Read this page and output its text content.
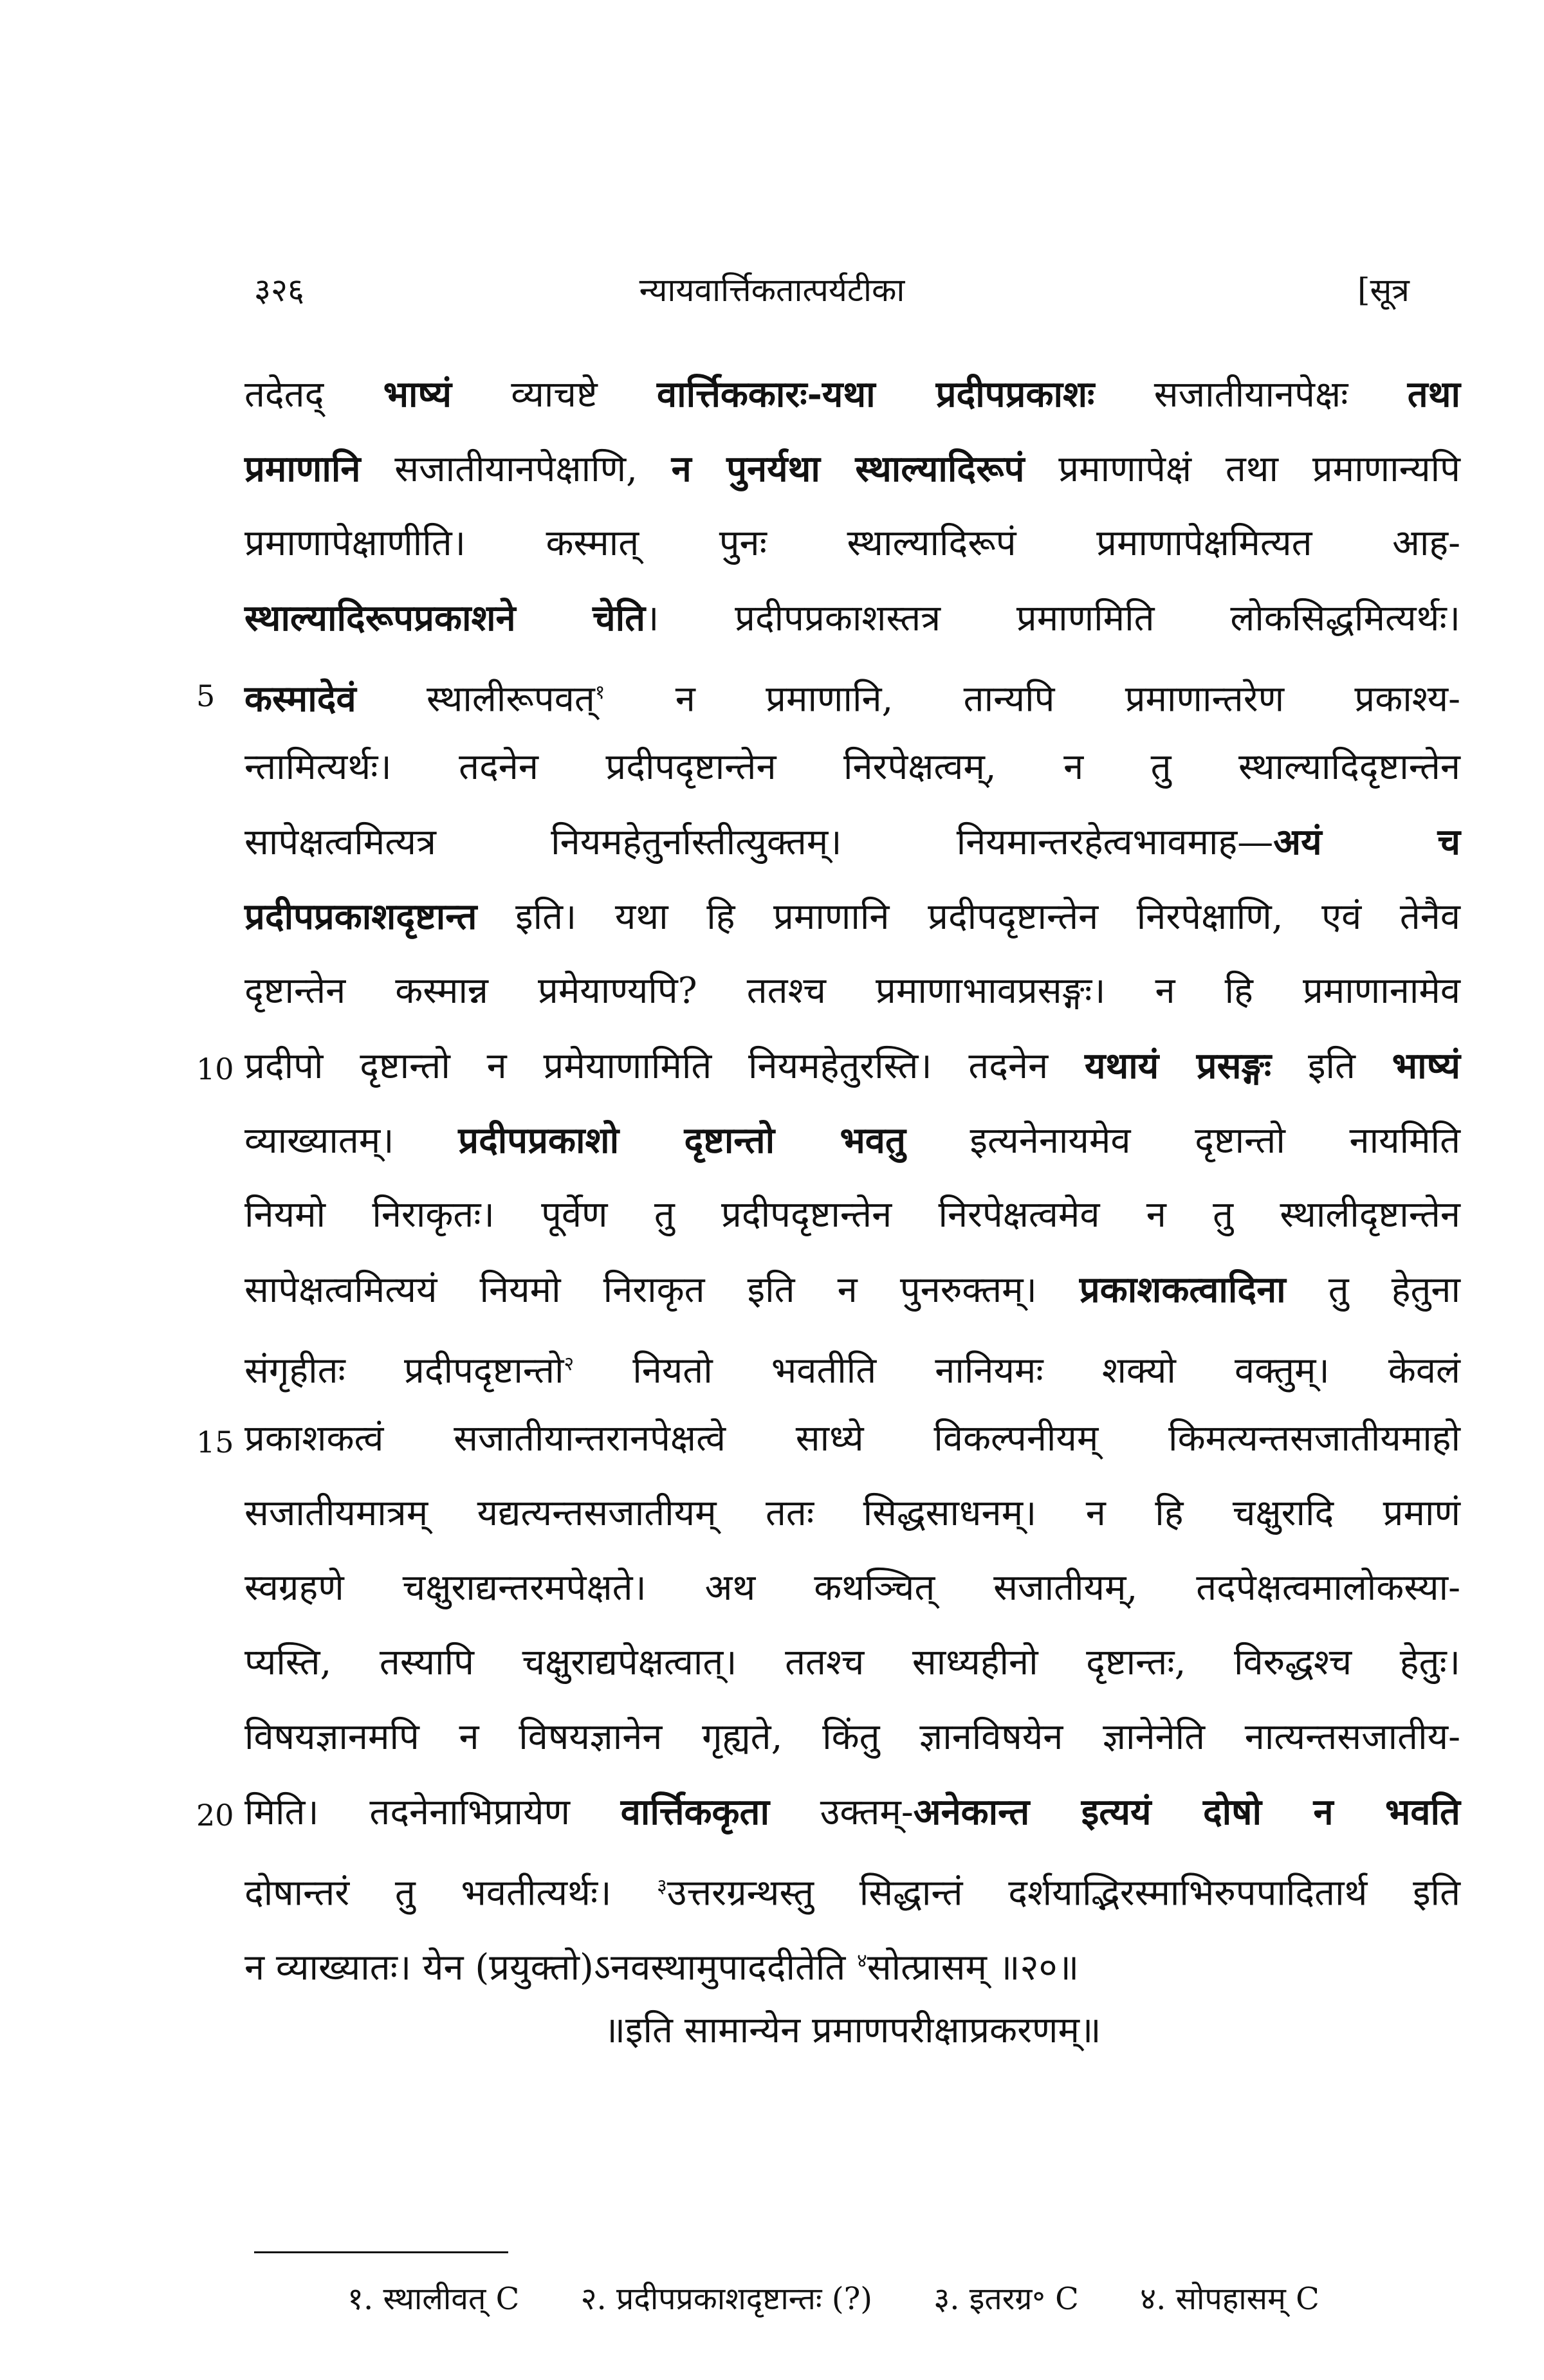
३२६	न्यायवार्त्तिकतात्पर्यटीका	[सूत्र
तदेतद् भाष्यं व्याचष्टे वार्त्तिककारः-यथा प्रदीपप्रकाशः सजातीयानपेक्षः तथा
प्रमाणानि सजातीयानपेक्षाणि, न पुनर्यथा स्थाल्यादिरूपं प्रमाणापेक्षं तथा प्रमाणान्यपि
प्रमाणापेक्षाणीति। कस्मात् पुनः स्थाल्यादिरूपं प्रमाणापेक्षमित्यत आह-
स्थाल्यादिरूपप्रकाशने चेति। प्रदीपप्रकाशस्तत्र प्रमाणमिति लोकसिद्धमित्यर्थः।
5 कस्मादेवं स्थालीरूपवत्$^१$ न प्रमाणानि, तान्यपि प्रमाणान्तरेण प्रकाश्य-
न्तामित्यर्थः। तदनेन प्रदीपदृष्टान्तेन निरपेक्षत्वम्, न तु स्थाल्यादिदृष्टान्तेन
सापेक्षत्वमित्यत्र नियमहेतुर्नास्तीत्युक्तम्। नियमान्तरहेत्वभावमाह—अयं च
प्रदीपप्रकाशदृष्टान्त इति। यथा हि प्रमाणानि प्रदीपदृष्टान्तेन निरपेक्षाणि, एवं तेनैव
दृष्टान्तेन कस्मान्न प्रमेयाण्यपि? ततश्च प्रमाणाभावप्रसङ्गः। न हि प्रमाणानामेव
10 प्रदीपो दृष्टान्तो न प्रमेयाणामिति नियमहेतुरस्ति। तदनेन यथायं प्रसङ्गः इति भाष्यं
व्याख्यातम्। प्रदीपप्रकाशो दृष्टान्तो भवतु इत्यनेनायमेव दृष्टान्तो नायमिति
नियमो निराकृतः। पूर्वेण तु प्रदीपदृष्टान्तेन निरपेक्षत्वमेव न तु स्थालीदृष्टान्तेन
सापेक्षत्वमित्ययं नियमो निराकृत इति न पुनरुक्तम्। प्रकाशकत्वादिना तु हेतुना
संगृहीतः प्रदीपदृष्टान्तो$^२$ नियतो भवतीति नानियमः शक्यो वक्तुम्। केवलं
15 प्रकाशकत्वं सजातीयान्तरानपेक्षत्वे साध्ये विकल्पनीयम् किमत्यन्तसजातीयमाहो
सजातीयमात्रम् यद्यत्यन्तसजातीयम् ततः सिद्धसाधनम्। न हि चक्षुरादि प्रमाणं
स्वग्रहणे चक्षुराद्यन्तरमपेक्षते। अथ कथञ्चित् सजातीयम्, तदपेक्षत्वमालोकस्या-
प्यस्ति, तस्यापि चक्षुराद्यपेक्षत्वात्। ततश्च साध्यहीनो दृष्टान्तः, विरुद्धश्च हेतुः।
विषयज्ञानमपि न विषयज्ञानेन गृह्यते, किंतु ज्ञानविषयेन ज्ञानेनेति नात्यन्तसजातीय-
20 मिति। तदनेनाभिप्रायेण वार्त्तिककृता उक्तम्-अनेकान्त इत्ययं दोषो न भवति
दोषान्तरं तु भवतीत्यर्थः। $^३$उत्तरग्रन्थस्तु सिद्धान्तं दर्शयाद्भिरस्माभिरुपपादितार्थ इति
न व्याख्यातः। येन (प्रयुक्तो)ऽनवस्थामुपाददीतेति $^४$सोत्प्रासम् ॥२०॥
॥इति सामान्येन प्रमाणपरीक्षाप्रकरणम्॥
१. स्थालीवत् C २. प्रदीपप्रकाशदृष्टान्तः (?) ३. इतरग्र॰ C ४. सोपहासम् C
